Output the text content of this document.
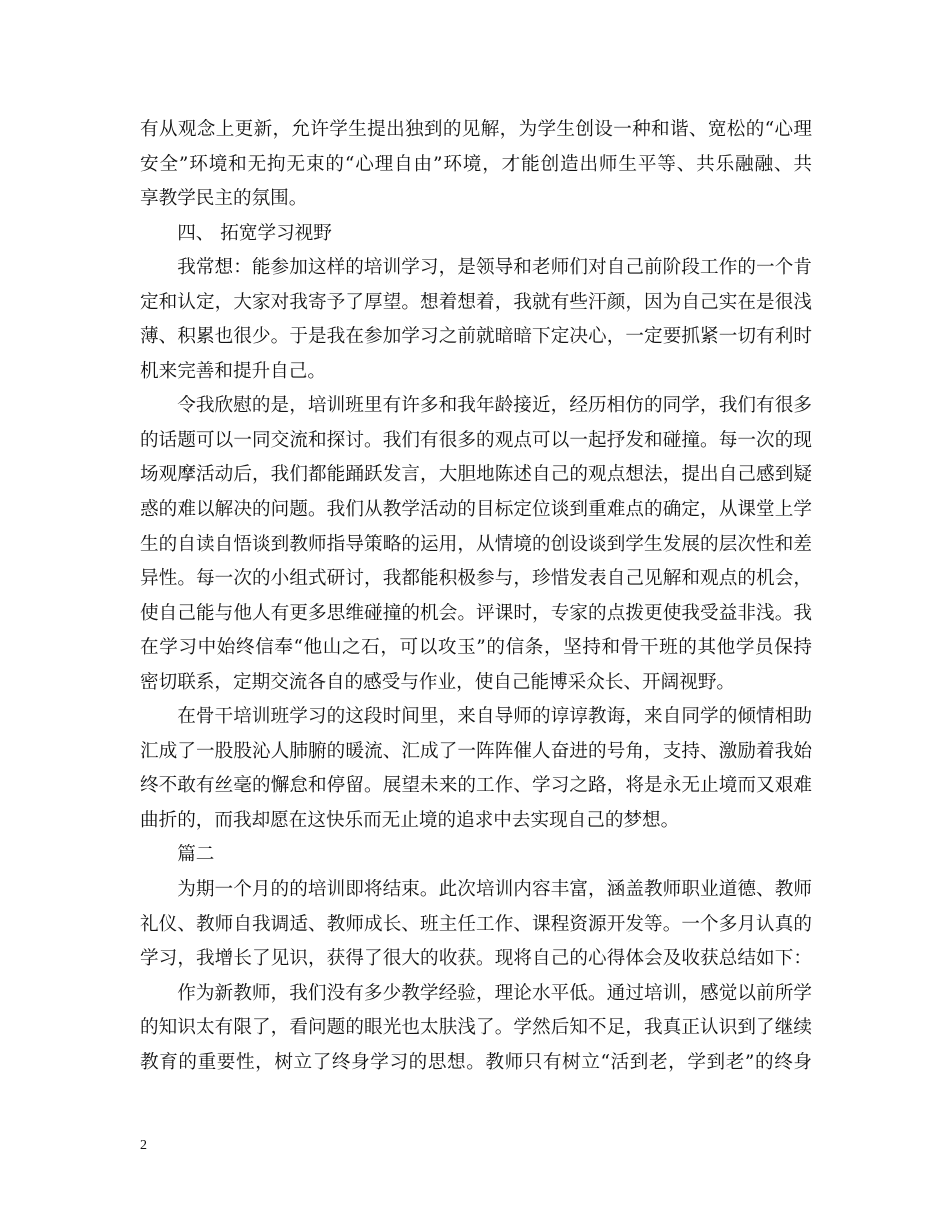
有从观念上更新，允许学生提出独到的见解，为学生创设一种和谐、宽松的“心理
安全”环境和无拘无束的“心理自由”环境，才能创造出师生平等、共乐融融、共
享教学民主的氛围。
四、 拓宽学习视野
我常想：能参加这样的培训学习，是领导和老师们对自己前阶段工作的一个肯
定和认定，大家对我寄予了厚望。想着想着，我就有些汗颜，因为自己实在是很浅
薄、积累也很少。于是我在参加学习之前就暗暗下定决心，一定要抓紧一切有利时
机来完善和提升自己。
令我欣慰的是，培训班里有许多和我年龄接近，经历相仿的同学，我们有很多
的话题可以一同交流和探讨。我们有很多的观点可以一起抒发和碰撞。每一次的现
场观摩活动后，我们都能踊跃发言，大胆地陈述自己的观点想法，提出自己感到疑
惑的难以解决的问题。我们从教学活动的目标定位谈到重难点的确定，从课堂上学
生的自读自悟谈到教师指导策略的运用，从情境的创设谈到学生发展的层次性和差
异性。每一次的小组式研讨，我都能积极参与，珍惜发表自己见解和观点的机会，
使自己能与他人有更多思维碰撞的机会。评课时，专家的点拨更使我受益非浅。我
在学习中始终信奉“他山之石，可以攻玉”的信条，坚持和骨干班的其他学员保持
密切联系，定期交流各自的感受与作业，使自己能博采众长、开阔视野。
在骨干培训班学习的这段时间里，来自导师的谆谆教诲，来自同学的倾情相助
汇成了一股股沁人肺腑的暖流、汇成了一阵阵催人奋进的号角，支持、激励着我始
终不敢有丝毫的懈怠和停留。展望未来的工作、学习之路，将是永无止境而又艰难
曲折的，而我却愿在这快乐而无止境的追求中去实现自己的梦想。
篇二
为期一个月的的培训即将结束。此次培训内容丰富，涵盖教师职业道德、教师
礼仪、教师自我调适、教师成长、班主任工作、课程资源开发等。一个多月认真的
学习，我增长了见识，获得了很大的收获。现将自己的心得体会及收获总结如下：
作为新教师，我们没有多少教学经验，理论水平低。通过培训，感觉以前所学
的知识太有限了，看问题的眼光也太肤浅了。学然后知不足，我真正认识到了继续
教育的重要性，树立了终身学习的思想。教师只有树立“活到老，学到老”的终身
2
